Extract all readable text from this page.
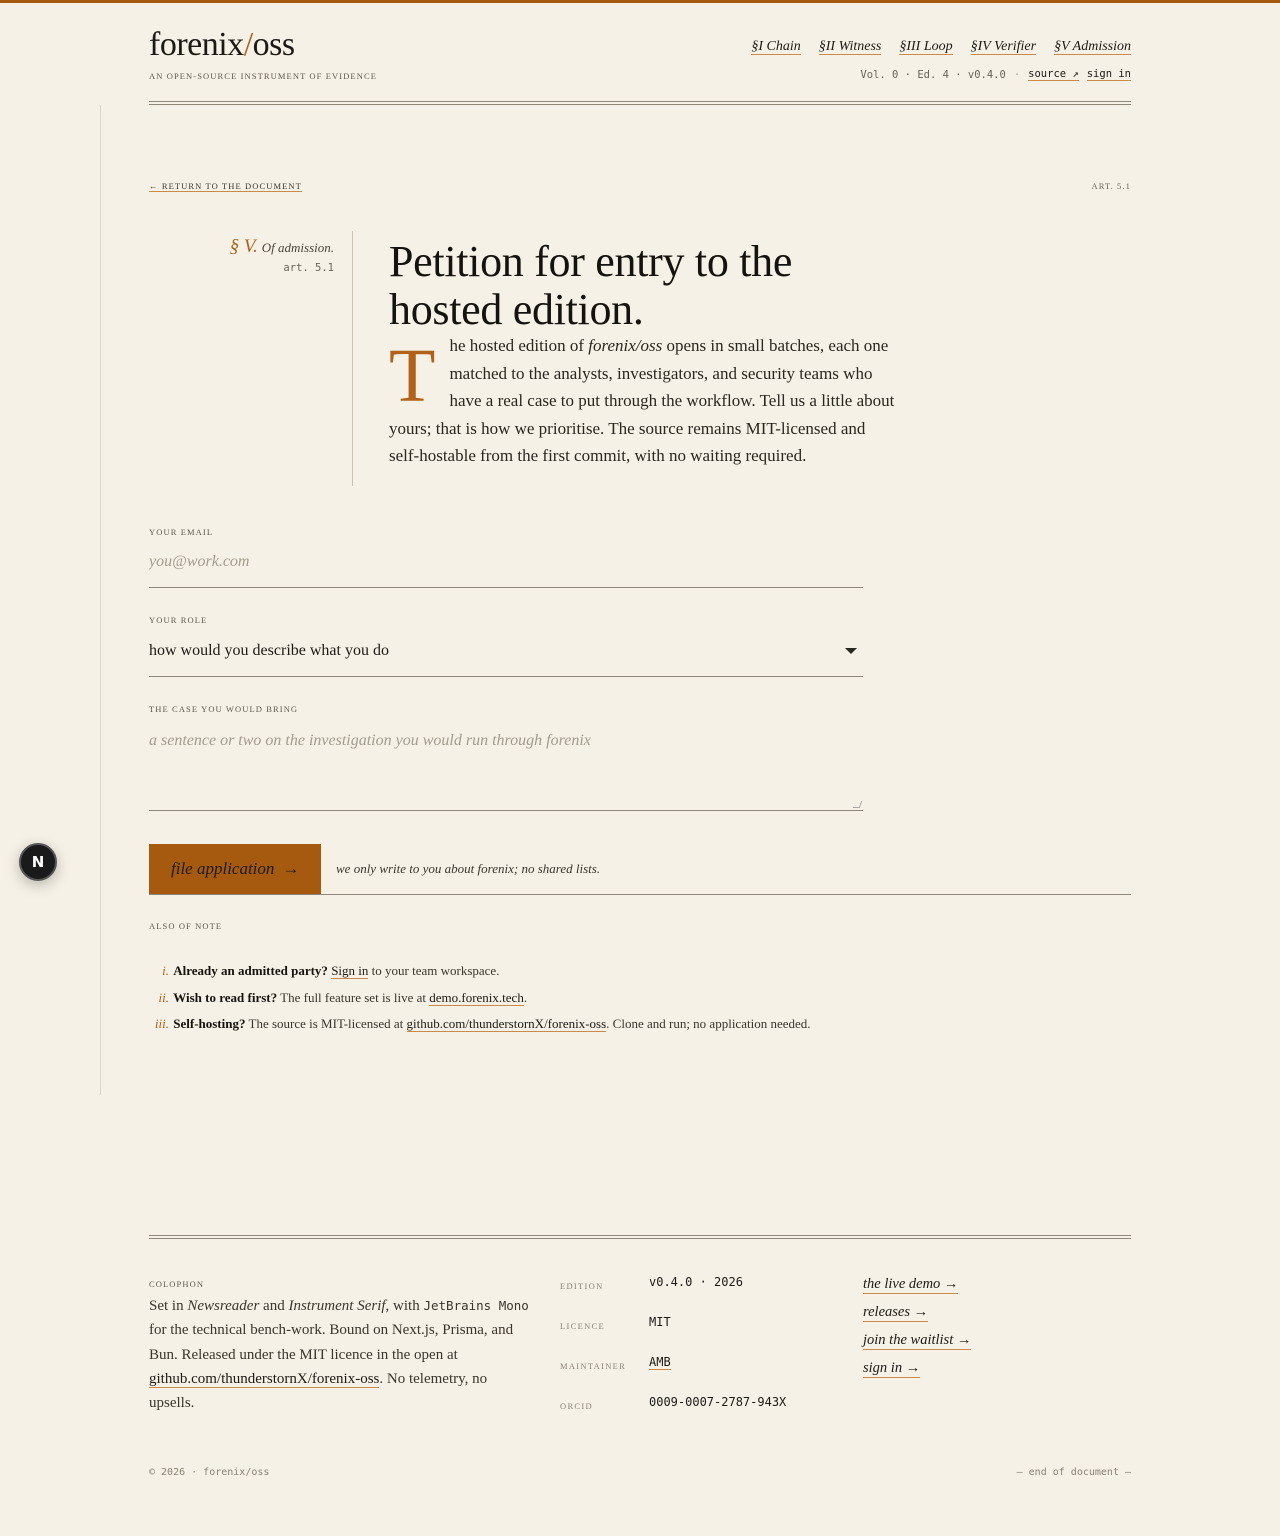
forenix/oss
AN OPEN-SOURCE INSTRUMENT OF EVIDENCE
§I Chain §II Witness §III Loop §IV Verifier §V Admission
Vol. 0 · Ed. 4 · v0.4.0 · source ↗ sign in
← RETURN TO THE DOCUMENT	ART. 5.1
§ V. Of admission.
art. 5.1 Petition for entry to the hosted edition.

The hosted edition of forenix/oss opens in small batches, each one matched to the analysts, investigators, and security teams who have a real case to put through the workflow. Tell us a little about yours; that is how we prioritise. The source remains MIT-licensed and self-hostable from the first commit, with no waiting required.

YOUR EMAIL
you@work.com
YOUR ROLE
how would you describe what you do
THE CASE YOU WOULD BRING
a sentence or two on the investigation you would run through forenix
file application →	we only write to you about forenix; no shared lists.
ALSO OF NOTE
i.
Already an admitted party? Sign in to your team workspace.
ii.
Wish to read first? The full feature set is live at demo.forenix.tech.
iii.
Self-hosting? The source is MIT-licensed at github.com/thunderstornX/forenix-oss. Clone and run; no application needed.
N
COLOPHON

Set in Newsreader and Instrument Serif, with JetBrains Mono for the technical bench-work. Bound on Next.js, Prisma, and Bun. Released under the MIT licence in the open at github.com/thunderstornX/forenix-oss. No telemetry, no upsells.

EDITION	v0.4.0 · 2026
LICENCE	MIT
MAINTAINER AMB
ORCID	0009-0007-2787-943X
the live demo →
releases →
join the waitlist →
sign in →
© 2026 · forenix/oss	— end of document —
